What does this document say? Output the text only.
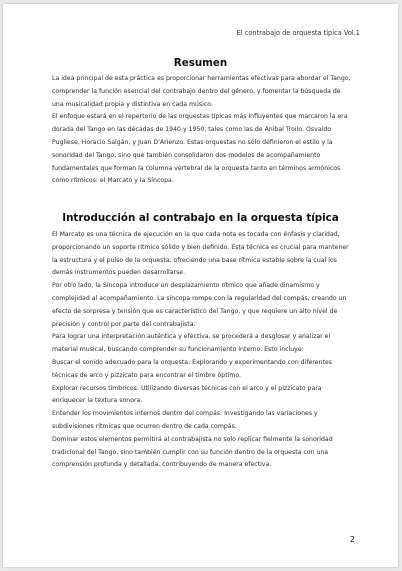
El contrabajo de orquesta típica Vol.1
Resumen

La idea principal de esta práctica es proporcionar herramientas efectivas para abordar el Tango,

comprender la función esencial del contrabajo dentro del género, y fomentar la búsqueda de

una musicalidad propia y distintiva en cada músico.

El enfoque estará en el repertorio de las orquestas típicas más influyentes que marcaron la era

dorada del Tango en las décadas de 1940 y 1950, tales como las de Aníbal Troilo, Osvaldo

Pugliese, Horacio Salgán, y Juan D'Arienzo. Estas orquestas no sólo definieron el estilo y la

sonoridad del Tango, sino que también consolidaron dos modelos de acompañamiento

fundamentales que forman la columna vertebral de la orquesta tanto en términos armónicos

como rítmicos: el Marcato y la Síncopa.

Introducción al contrabajo en la orquesta típica

El Marcato es una técnica de ejecución en la que cada nota es tocada con énfasis y claridad,

proporcionando un soporte rítmico sólido y bien definido. Esta técnica es crucial para mantener

la estructura y el pulso de la orquesta, ofreciendo una base rítmica estable sobre la cual los

demás instrumentos pueden desarrollarse.

Por otro lado, la Síncopa introduce un desplazamiento rítmico que añade dinamismo y

complejidad al acompañamiento. La síncopa rompe con la regularidad del compás, creando un

efecto de sorpresa y tensión que es característico del Tango, y que requiere un alto nivel de

precisión y control por parte del contrabajista.

Para lograr una interpretación auténtica y efectiva, se procederá a desglosar y analizar el

material musical, buscando comprender su funcionamiento interno. Esto incluye:

Buscar el sonido adecuado para la orquesta: Explorando y experimentando con diferentes

técnicas de arco y pizzicato para encontrar el timbre óptimo.

Explorar recursos tímbricos: Utilizando diversas técnicas con el arco y el pizzicato para

enriquecer la textura sonora.

Entender los movimientos internos dentro del compás: Investigando las variaciones y

subdivisiones rítmicas que ocurren dentro de cada compás.

Dominar estos elementos permitirá al contrabajista no solo replicar fielmente la sonoridad

tradicional del Tango, sino también cumplir con su función dentro de la orquesta con una

comprensión profunda y detallada, contribuyendo de manera efectiva.

2
